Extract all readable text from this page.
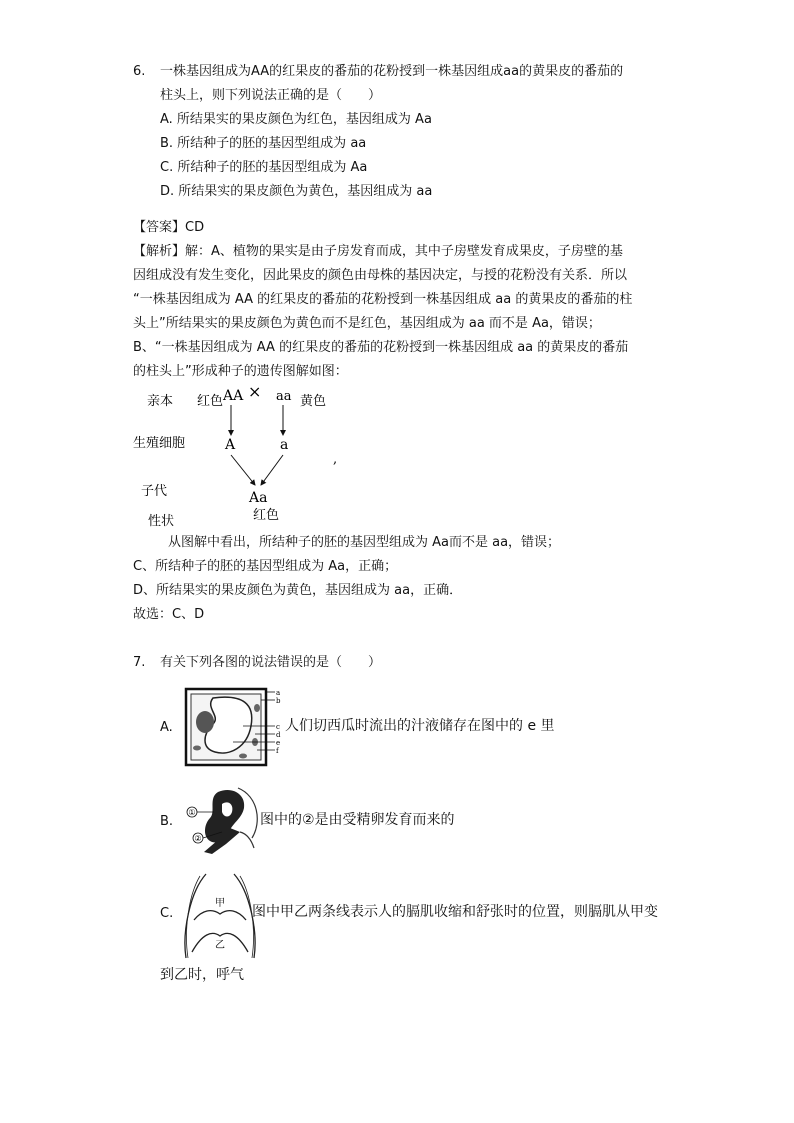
6. 一株基因组成为AA的红果皮的番茄的花粉授到一株基因组成aa的黄果皮的番茄的
柱头上，则下列说法正确的是（　　）
A. 所结果实的果皮颜色为红色，基因组成为 Aa
B. 所结种子的胚的基因型组成为 aa
C. 所结种子的胚的基因型组成为 Aa
D. 所结果实的果皮颜色为黄色，基因组成为 aa
【答案】CD
【解析】解：A、植物的果实是由子房发育而成，其中子房壁发育成果皮，子房壁的基
因组成没有发生变化，因此果皮的颜色由母株的基因决定，与授的花粉没有关系．所以
“一株基因组成为 AA 的红果皮的番茄的花粉授到一株基因组成 aa 的黄果皮的番茄的柱
头上”所结果实的果皮颜色为黄色而不是红色，基因组成为 aa 而不是 Aa，错误；
B、“一株基因组成为 AA 的红果皮的番茄的花粉授到一株基因组成 aa 的黄果皮的番茄
的柱头上”形成种子的遗传图解如图：
亲本 红色 AA × aa 黄色
生殖细胞	A	a
,
子代	Aa
性状	红色
从图解中看出，所结种子的胚的基因型组成为 Aa而不是 aa，错误；
C、所结种子的胚的基因型组成为 Aa，正确；
D、所结果实的果皮颜色为黄色，基因组成为 aa，正确．
故选：C、D
7. 有关下列各图的说法错误的是（　　）
A.
a
b
c
d
e
f
人们切西瓜时流出的汁液储存在图中的 e 里
B.
①
②
图中的②是由受精卵发育而来的
C.
甲
乙
图中甲乙两条线表示人的膈肌收缩和舒张时的位置，则膈肌从甲变
到乙时，呼气
